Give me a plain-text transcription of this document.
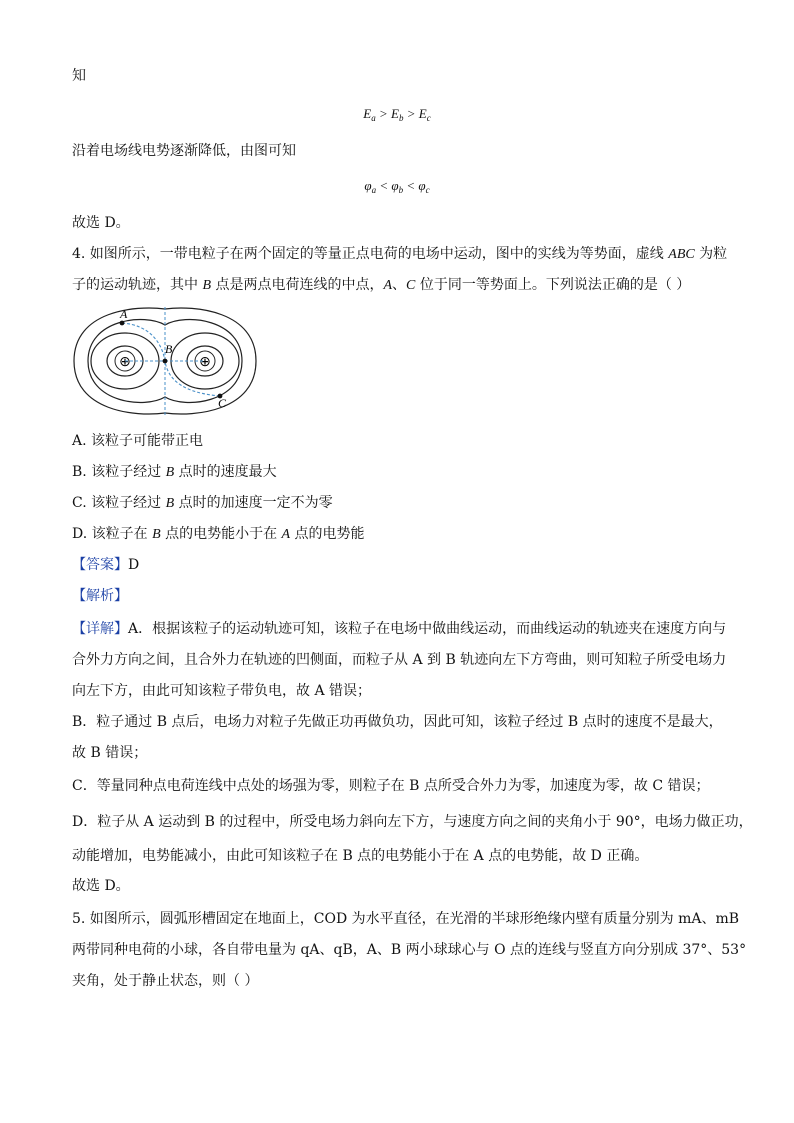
知
$E_a > E_b > E_c$
沿着电场线电势逐渐降低，由图可知
$\varphi_a < \varphi_b < \varphi_c$
故选 D。
4. 如图所示，一带电粒子在两个固定的等量正点电荷的电场中运动，图中的实线为等势面，虚线 ABC 为粒
子的运动轨迹，其中 B 点是两点电荷连线的中点，A、C 位于同一等势面上。下列说法正确的是（ ）
⊕	⊕
A
B
C
A. 该粒子可能带正电
B. 该粒子经过 B 点时的速度最大
C. 该粒子经过 B 点时的加速度一定不为零
D. 该粒子在 B 点的电势能小于在 A 点的电势能
【答案】D
【解析】
【详解】A．根据该粒子的运动轨迹可知，该粒子在电场中做曲线运动，而曲线运动的轨迹夹在速度方向与
合外力方向之间，且合外力在轨迹的凹侧面，而粒子从 A 到 B 轨迹向左下方弯曲，则可知粒子所受电场力
向左下方，由此可知该粒子带负电，故 A 错误；
B．粒子通过 B 点后，电场力对粒子先做正功再做负功，因此可知，该粒子经过 B 点时的速度不是最大，
故 B 错误；
C．等量同种点电荷连线中点处的场强为零，则粒子在 B 点所受合外力为零，加速度为零，故 C 错误；
D．粒子从 A 运动到 B 的过程中，所受电场力斜向左下方，与速度方向之间的夹角小于 90°，电场力做正功，
动能增加，电势能减小，由此可知该粒子在 B 点的电势能小于在 A 点的电势能，故 D 正确。
故选 D。
5. 如图所示，圆弧形槽固定在地面上，COD 为水平直径，在光滑的半球形绝缘内壁有质量分别为 mA、mB
两带同种电荷的小球，各自带电量为 qA、qB，A、B 两小球球心与 O 点的连线与竖直方向分别成 37°、53°
夹角，处于静止状态，则（ ）
